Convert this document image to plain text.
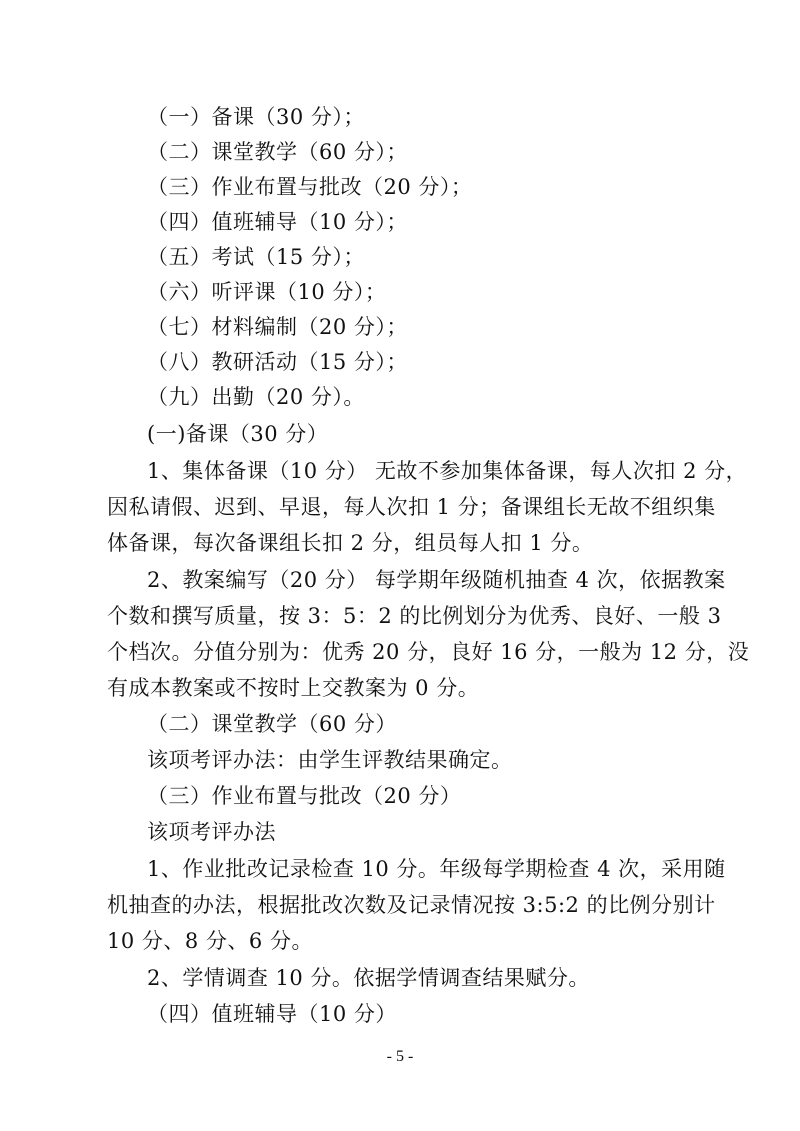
（一）备课（30 分）；
（二）课堂教学（60 分）；
（三）作业布置与批改（20 分）；
（四）值班辅导（10 分）；
（五）考试（15 分）；
（六）听评课（10 分）；
（七）材料编制（20 分）；
（八）教研活动（15 分）；
（九）出勤（20 分）。
(一)备课（30 分）
1、集体备课（10 分） 无故不参加集体备课，每人次扣 2 分，
因私请假、迟到、早退，每人次扣 1 分；备课组长无故不组织集
体备课，每次备课组长扣 2 分，组员每人扣 1 分。
2、教案编写（20 分） 每学期年级随机抽查 4 次，依据教案
个数和撰写质量，按 3：5：2 的比例划分为优秀、良好、一般 3
个档次。分值分别为：优秀 20 分，良好 16 分，一般为 12 分，没
有成本教案或不按时上交教案为 0 分。
（二）课堂教学（60 分）
该项考评办法：由学生评教结果确定。
（三）作业布置与批改（20 分）
该项考评办法
1、作业批改记录检查 10 分。年级每学期检查 4 次，采用随
机抽查的办法，根据批改次数及记录情况按 3:5:2 的比例分别计
10 分、8 分、6 分。
2、学情调查 10 分。依据学情调查结果赋分。
（四）值班辅导（10 分）
- 5 -
